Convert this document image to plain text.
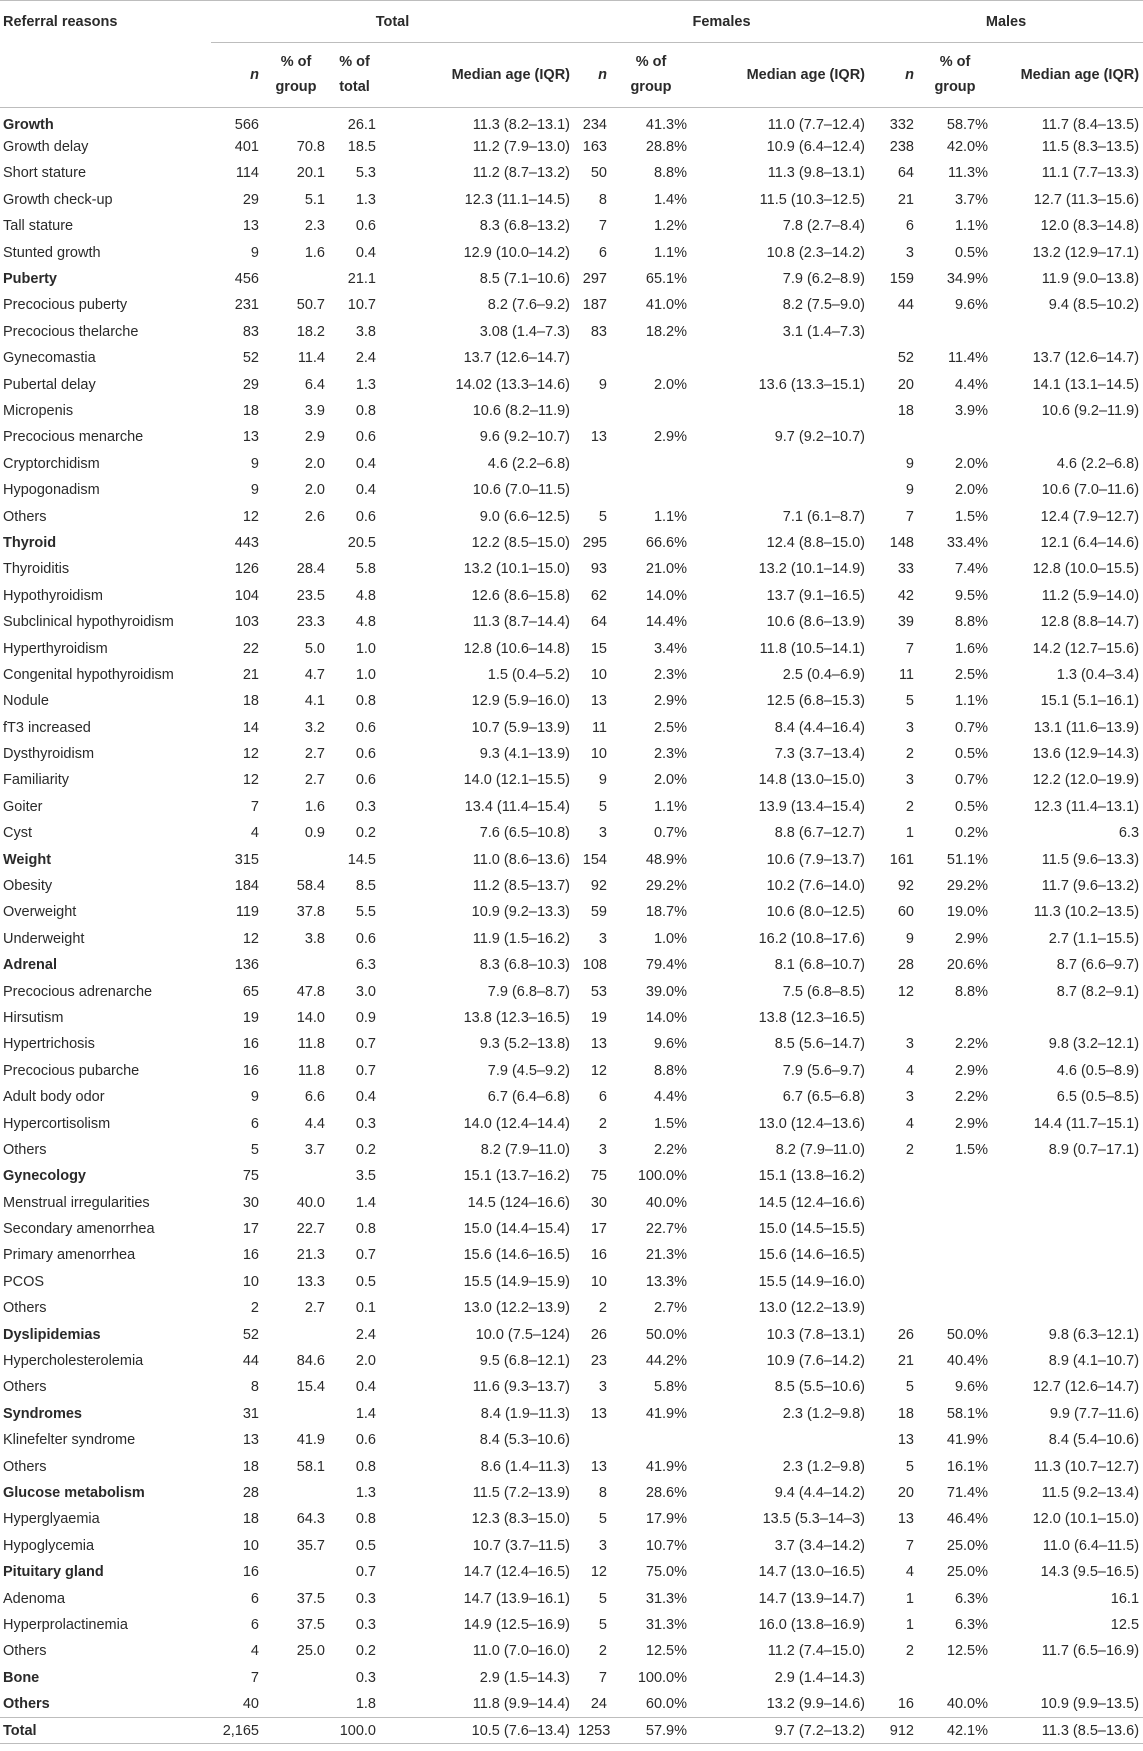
Referral reasons	Total				Females			Males		
	n	% of group	% of total	Median age (IQR)	n	% of group	Median age (IQR)	n	% of group	Median age (IQR)
Growth	566		26.1	11.3 (8.2–13.1)	234	41.3%	11.0 (7.7–12.4)	332	58.7%	11.7 (8.4–13.5)
Growth delay	401	70.8	18.5	11.2 (7.9–13.0)	163	28.8%	10.9 (6.4–12.4)	238	42.0%	11.5 (8.3–13.5)
Short stature	114	20.1	5.3	11.2 (8.7–13.2)	50	8.8%	11.3 (9.8–13.1)	64	11.3%	11.1 (7.7–13.3)
Growth check-up	29	5.1	1.3	12.3 (11.1–14.5)	8	1.4%	11.5 (10.3–12.5)	21	3.7%	12.7 (11.3–15.6)
Tall stature	13	2.3	0.6	8.3 (6.8–13.2)	7	1.2%	7.8 (2.7–8.4)	6	1.1%	12.0 (8.3–14.8)
Stunted growth	9	1.6	0.4	12.9 (10.0–14.2)	6	1.1%	10.8 (2.3–14.2)	3	0.5%	13.2 (12.9–17.1)
Puberty	456		21.1	8.5 (7.1–10.6)	297	65.1%	7.9 (6.2–8.9)	159	34.9%	11.9 (9.0–13.8)
Precocious puberty	231	50.7	10.7	8.2 (7.6–9.2)	187	41.0%	8.2 (7.5–9.0)	44	9.6%	9.4 (8.5–10.2)
Precocious thelarche	83	18.2	3.8	3.08 (1.4–7.3)	83	18.2%	3.1 (1.4–7.3)			
Gynecomastia	52	11.4	2.4	13.7 (12.6–14.7)				52	11.4%	13.7 (12.6–14.7)
Pubertal delay	29	6.4	1.3	14.02 (13.3–14.6)	9	2.0%	13.6 (13.3–15.1)	20	4.4%	14.1 (13.1–14.5)
Micropenis	18	3.9	0.8	10.6 (8.2–11.9)				18	3.9%	10.6 (9.2–11.9)
Precocious menarche	13	2.9	0.6	9.6 (9.2–10.7)	13	2.9%	9.7 (9.2–10.7)			
Cryptorchidism	9	2.0	0.4	4.6 (2.2–6.8)				9	2.0%	4.6 (2.2–6.8)
Hypogonadism	9	2.0	0.4	10.6 (7.0–11.5)				9	2.0%	10.6 (7.0–11.6)
Others	12	2.6	0.6	9.0 (6.6–12.5)	5	1.1%	7.1 (6.1–8.7)	7	1.5%	12.4 (7.9–12.7)
Thyroid	443		20.5	12.2 (8.5–15.0)	295	66.6%	12.4 (8.8–15.0)	148	33.4%	12.1 (6.4–14.6)
Thyroiditis	126	28.4	5.8	13.2 (10.1–15.0)	93	21.0%	13.2 (10.1–14.9)	33	7.4%	12.8 (10.0–15.5)
Hypothyroidism	104	23.5	4.8	12.6 (8.6–15.8)	62	14.0%	13.7 (9.1–16.5)	42	9.5%	11.2 (5.9–14.0)
Subclinical hypothyroidism	103	23.3	4.8	11.3 (8.7–14.4)	64	14.4%	10.6 (8.6–13.9)	39	8.8%	12.8 (8.8–14.7)
Hyperthyroidism	22	5.0	1.0	12.8 (10.6–14.8)	15	3.4%	11.8 (10.5–14.1)	7	1.6%	14.2 (12.7–15.6)
Congenital hypothyroidism	21	4.7	1.0	1.5 (0.4–5.2)	10	2.3%	2.5 (0.4–6.9)	11	2.5%	1.3 (0.4–3.4)
Nodule	18	4.1	0.8	12.9 (5.9–16.0)	13	2.9%	12.5 (6.8–15.3)	5	1.1%	15.1 (5.1–16.1)
fT3 increased	14	3.2	0.6	10.7 (5.9–13.9)	11	2.5%	8.4 (4.4–16.4)	3	0.7%	13.1 (11.6–13.9)
Dysthyroidism	12	2.7	0.6	9.3 (4.1–13.9)	10	2.3%	7.3 (3.7–13.4)	2	0.5%	13.6 (12.9–14.3)
Familiarity	12	2.7	0.6	14.0 (12.1–15.5)	9	2.0%	14.8 (13.0–15.0)	3	0.7%	12.2 (12.0–19.9)
Goiter	7	1.6	0.3	13.4 (11.4–15.4)	5	1.1%	13.9 (13.4–15.4)	2	0.5%	12.3 (11.4–13.1)
Cyst	4	0.9	0.2	7.6 (6.5–10.8)	3	0.7%	8.8 (6.7–12.7)	1	0.2%	6.3
Weight	315		14.5	11.0 (8.6–13.6)	154	48.9%	10.6 (7.9–13.7)	161	51.1%	11.5 (9.6–13.3)
Obesity	184	58.4	8.5	11.2 (8.5–13.7)	92	29.2%	10.2 (7.6–14.0)	92	29.2%	11.7 (9.6–13.2)
Overweight	119	37.8	5.5	10.9 (9.2–13.3)	59	18.7%	10.6 (8.0–12.5)	60	19.0%	11.3 (10.2–13.5)
Underweight	12	3.8	0.6	11.9 (1.5–16.2)	3	1.0%	16.2 (10.8–17.6)	9	2.9%	2.7 (1.1–15.5)
Adrenal	136		6.3	8.3 (6.8–10.3)	108	79.4%	8.1 (6.8–10.7)	28	20.6%	8.7 (6.6–9.7)
Precocious adrenarche	65	47.8	3.0	7.9 (6.8–8.7)	53	39.0%	7.5 (6.8–8.5)	12	8.8%	8.7 (8.2–9.1)
Hirsutism	19	14.0	0.9	13.8 (12.3–16.5)	19	14.0%	13.8 (12.3–16.5)			
Hypertrichosis	16	11.8	0.7	9.3 (5.2–13.8)	13	9.6%	8.5 (5.6–14.7)	3	2.2%	9.8 (3.2–12.1)
Precocious pubarche	16	11.8	0.7	7.9 (4.5–9.2)	12	8.8%	7.9 (5.6–9.7)	4	2.9%	4.6 (0.5–8.9)
Adult body odor	9	6.6	0.4	6.7 (6.4–6.8)	6	4.4%	6.7 (6.5–6.8)	3	2.2%	6.5 (0.5–8.5)
Hypercortisolism	6	4.4	0.3	14.0 (12.4–14.4)	2	1.5%	13.0 (12.4–13.6)	4	2.9%	14.4 (11.7–15.1)
Others	5	3.7	0.2	8.2 (7.9–11.0)	3	2.2%	8.2 (7.9–11.0)	2	1.5%	8.9 (0.7–17.1)
Gynecology	75		3.5	15.1 (13.7–16.2)	75	100.0%	15.1 (13.8–16.2)			
Menstrual irregularities	30	40.0	1.4	14.5 (124–16.6)	30	40.0%	14.5 (12.4–16.6)			
Secondary amenorrhea	17	22.7	0.8	15.0 (14.4–15.4)	17	22.7%	15.0 (14.5–15.5)			
Primary amenorrhea	16	21.3	0.7	15.6 (14.6–16.5)	16	21.3%	15.6 (14.6–16.5)			
PCOS	10	13.3	0.5	15.5 (14.9–15.9)	10	13.3%	15.5 (14.9–16.0)			
Others	2	2.7	0.1	13.0 (12.2–13.9)	2	2.7%	13.0 (12.2–13.9)			
Dyslipidemias	52		2.4	10.0 (7.5–124)	26	50.0%	10.3 (7.8–13.1)	26	50.0%	9.8 (6.3–12.1)
Hypercholesterolemia	44	84.6	2.0	9.5 (6.8–12.1)	23	44.2%	10.9 (7.6–14.2)	21	40.4%	8.9 (4.1–10.7)
Others	8	15.4	0.4	11.6 (9.3–13.7)	3	5.8%	8.5 (5.5–10.6)	5	9.6%	12.7 (12.6–14.7)
Syndromes	31		1.4	8.4 (1.9–11.3)	13	41.9%	2.3 (1.2–9.8)	18	58.1%	9.9 (7.7–11.6)
Klinefelter syndrome	13	41.9	0.6	8.4 (5.3–10.6)				13	41.9%	8.4 (5.4–10.6)
Others	18	58.1	0.8	8.6 (1.4–11.3)	13	41.9%	2.3 (1.2–9.8)	5	16.1%	11.3 (10.7–12.7)
Glucose metabolism	28		1.3	11.5 (7.2–13.9)	8	28.6%	9.4 (4.4–14.2)	20	71.4%	11.5 (9.2–13.4)
Hyperglyaemia	18	64.3	0.8	12.3 (8.3–15.0)	5	17.9%	13.5 (5.3–14–3)	13	46.4%	12.0 (10.1–15.0)
Hypoglycemia	10	35.7	0.5	10.7 (3.7–11.5)	3	10.7%	3.7 (3.4–14.2)	7	25.0%	11.0 (6.4–11.5)
Pituitary gland	16		0.7	14.7 (12.4–16.5)	12	75.0%	14.7 (13.0–16.5)	4	25.0%	14.3 (9.5–16.5)
Adenoma	6	37.5	0.3	14.7 (13.9–16.1)	5	31.3%	14.7 (13.9–14.7)	1	6.3%	16.1
Hyperprolactinemia	6	37.5	0.3	14.9 (12.5–16.9)	5	31.3%	16.0 (13.8–16.9)	1	6.3%	12.5
Others	4	25.0	0.2	11.0 (7.0–16.0)	2	12.5%	11.2 (7.4–15.0)	2	12.5%	11.7 (6.5–16.9)
Bone	7		0.3	2.9 (1.5–14.3)	7	100.0%	2.9 (1.4–14.3)			
Others	40		1.8	11.8 (9.9–14.4)	24	60.0%	13.2 (9.9–14.6)	16	40.0%	10.9 (9.9–13.5)
Total	2,165		100.0	10.5 (7.6–13.4)	1253	57.9%	9.7 (7.2–13.2)	912	42.1%	11.3 (8.5–13.6)
